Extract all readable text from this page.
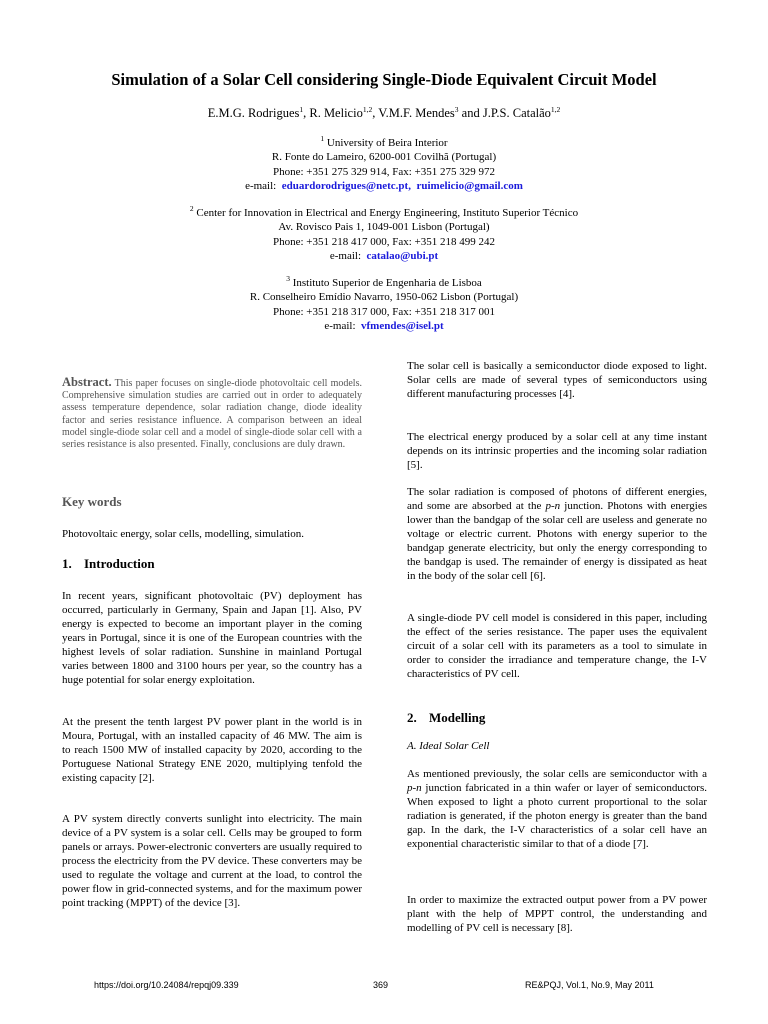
Simulation of a Solar Cell considering Single-Diode Equivalent Circuit Model
E.M.G. Rodrigues$^1$, R. Melicio$^{1,2}$, V.M.F. Mendes$^3$ and J.P.S. Catalão$^{1,2}$
$^1$ University of Beira Interior
R. Fonte do Lameiro, 6200-001 Covilhã (Portugal)
Phone: +351 275 329 914, Fax: +351 275 329 972
e-mail: eduardorodrigues@netc.pt, ruimelicio@gmail.com
$^2$ Center for Innovation in Electrical and Energy Engineering, Instituto Superior Técnico
Av. Rovisco Pais 1, 1049-001 Lisbon (Portugal)
Phone: +351 218 417 000, Fax: +351 218 499 242
e-mail: catalao@ubi.pt
$^3$ Instituto Superior de Engenharia de Lisboa
R. Conselheiro Emídio Navarro, 1950-062 Lisbon (Portugal)
Phone: +351 218 317 000, Fax: +351 218 317 001
e-mail: vfmendes@isel.pt
Abstract. This paper focuses on single-diode photovoltaic cell models. Comprehensive simulation studies are carried out in order to adequately assess temperature dependence, solar radiation change, diode ideality factor and series resistance influence. A comparison between an ideal model single-diode solar cell and a model of single-diode solar cell with a series resistance is also presented. Finally, conclusions are duly drawn.
Key words
Photovoltaic energy, solar cells, modelling, simulation.
1. Introduction

In recent years, significant photovoltaic (PV) deployment has occurred, particularly in Germany, Spain and Japan [1]. Also, PV energy is expected to become an important player in the coming years in Portugal, since it is one of the European countries with the highest levels of solar radiation. Sunshine in mainland Portugal varies between 1800 and 3100 hours per year, so the country has a huge potential for solar energy exploitation.

At the present the tenth largest PV power plant in the world is in Moura, Portugal, with an installed capacity of 46 MW. The aim is to reach 1500 MW of installed capacity by 2020, according to the Portuguese National Strategy ENE 2020, multiplying tenfold the existing capacity [2].

A PV system directly converts sunlight into electricity. The main device of a PV system is a solar cell. Cells may be grouped to form panels or arrays. Power-electronic converters are usually required to process the electricity from the PV device. These converters may be used to regulate the voltage and current at the load, to control the power flow in grid-connected systems, and for the maximum power point tracking (MPPT) of the device [3].

The solar cell is basically a semiconductor diode exposed to light. Solar cells are made of several types of semiconductors using different manufacturing processes [4].

The electrical energy produced by a solar cell at any time instant depends on its intrinsic properties and the incoming solar radiation [5].

The solar radiation is composed of photons of different energies, and some are absorbed at the p-n junction. Photons with energies lower than the bandgap of the solar cell are useless and generate no voltage or electric current. Photons with energy superior to the bandgap generate electricity, but only the energy corresponding to the bandgap is used. The remainder of energy is dissipated as heat in the body of the solar cell [6].

A single-diode PV cell model is considered in this paper, including the effect of the series resistance. The paper uses the equivalent circuit of a solar cell with its parameters as a tool to simulate in order to consider the irradiance and temperature change, the I-V characteristics of PV cell.

2. Modelling
A. Ideal Solar Cell

As mentioned previously, the solar cells are semiconductor with a p-n junction fabricated in a thin wafer or layer of semiconductors. When exposed to light a photo current proportional to the solar radiation is generated, if the photon energy is greater than the band gap. In the dark, the I-V characteristics of a solar cell have an exponential characteristic similar to that of a diode [7].

In order to maximize the extracted output power from a PV power plant with the help of MPPT control, the understanding and modelling of PV cell is necessary [8].

https://doi.org/10.24084/repqj09.339	369	RE&PQJ, Vol.1, No.9, May 2011
